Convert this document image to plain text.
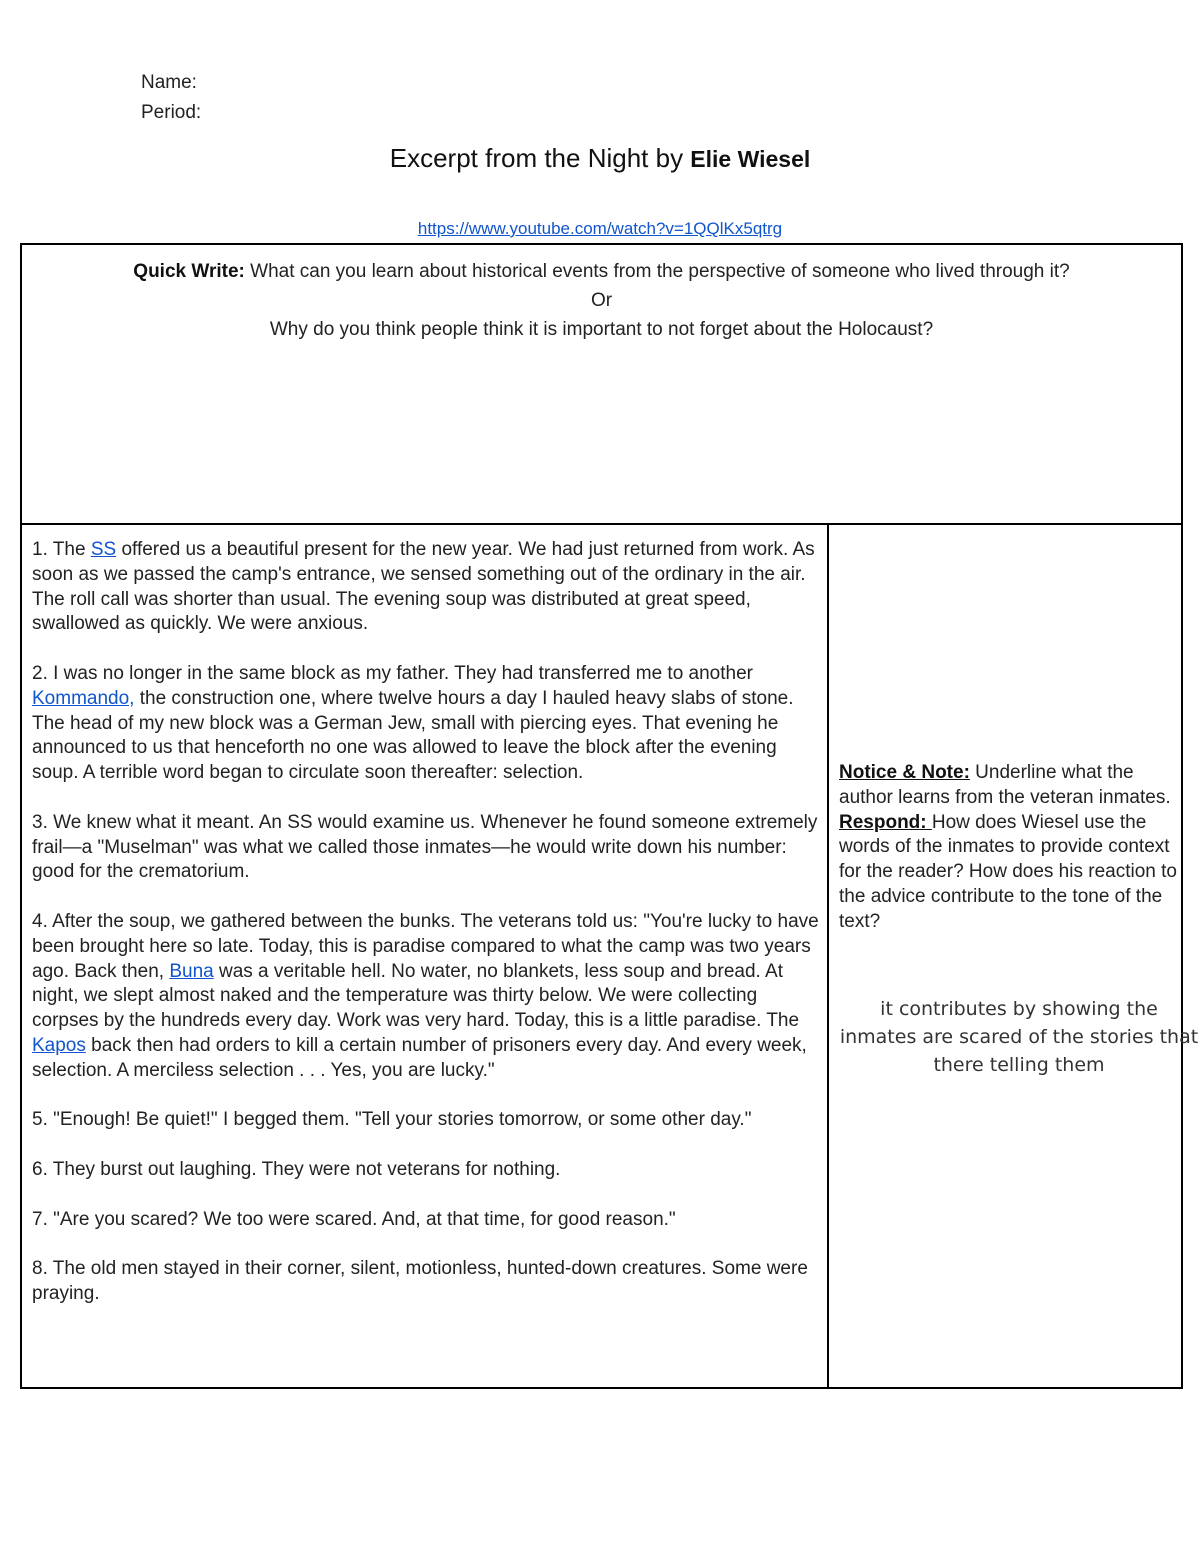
Name:
Period:
Excerpt from the Night by Elie Wiesel
https://www.youtube.com/watch?v=1QQlKx5qtrg
Quick Write: What can you learn about historical events from the perspective of someone who lived through it?
Or
Why do you think people think it is important to not forget about the Holocaust?

1. The SS offered us a beautiful present for the new year. We had just returned from work. As soon as we passed the camp's entrance, we sensed something out of the ordinary in the air. The roll call was shorter than usual. The evening soup was distributed at great speed, swallowed as quickly. We were anxious.

2. I was no longer in the same block as my father. They had transferred me to another Kommando, the construction one, where twelve hours a day I hauled heavy slabs of stone. The head of my new block was a German Jew, small with piercing eyes. That evening he announced to us that henceforth no one was allowed to leave the block after the evening soup. A terrible word began to circulate soon thereafter: selection.

3. We knew what it meant. An SS would examine us. Whenever he found someone extremely frail—a "Muselman" was what we called those inmates—he would write down his number: good for the crematorium.

4. After the soup, we gathered between the bunks. The veterans told us: "You're lucky to have been brought here so late. Today, this is paradise compared to what the camp was two years ago. Back then, Buna was a veritable hell. No water, no blankets, less soup and bread. At night, we slept almost naked and the temperature was thirty below. We were collecting corpses by the hundreds every day. Work was very hard. Today, this is a little paradise. The Kapos back then had orders to kill a certain number of prisoners every day. And every week, selection. A merciless selection . . . Yes, you are lucky."

5. "Enough! Be quiet!" I begged them. "Tell your stories tomorrow, or some other day."

6. They burst out laughing. They were not veterans for nothing.

7. "Are you scared? We too were scared. And, at that time, for good reason."

8. The old men stayed in their corner, silent, motionless, hunted-down creatures. Some were praying.

Notice & Note: Underline what the author learns from the veteran inmates.
Respond: How does Wiesel use the words of the inmates to provide context for the reader? How does his reaction to the advice contribute to the tone of the text?
it contributes by showing the inmates are scared of the stories that there telling them
